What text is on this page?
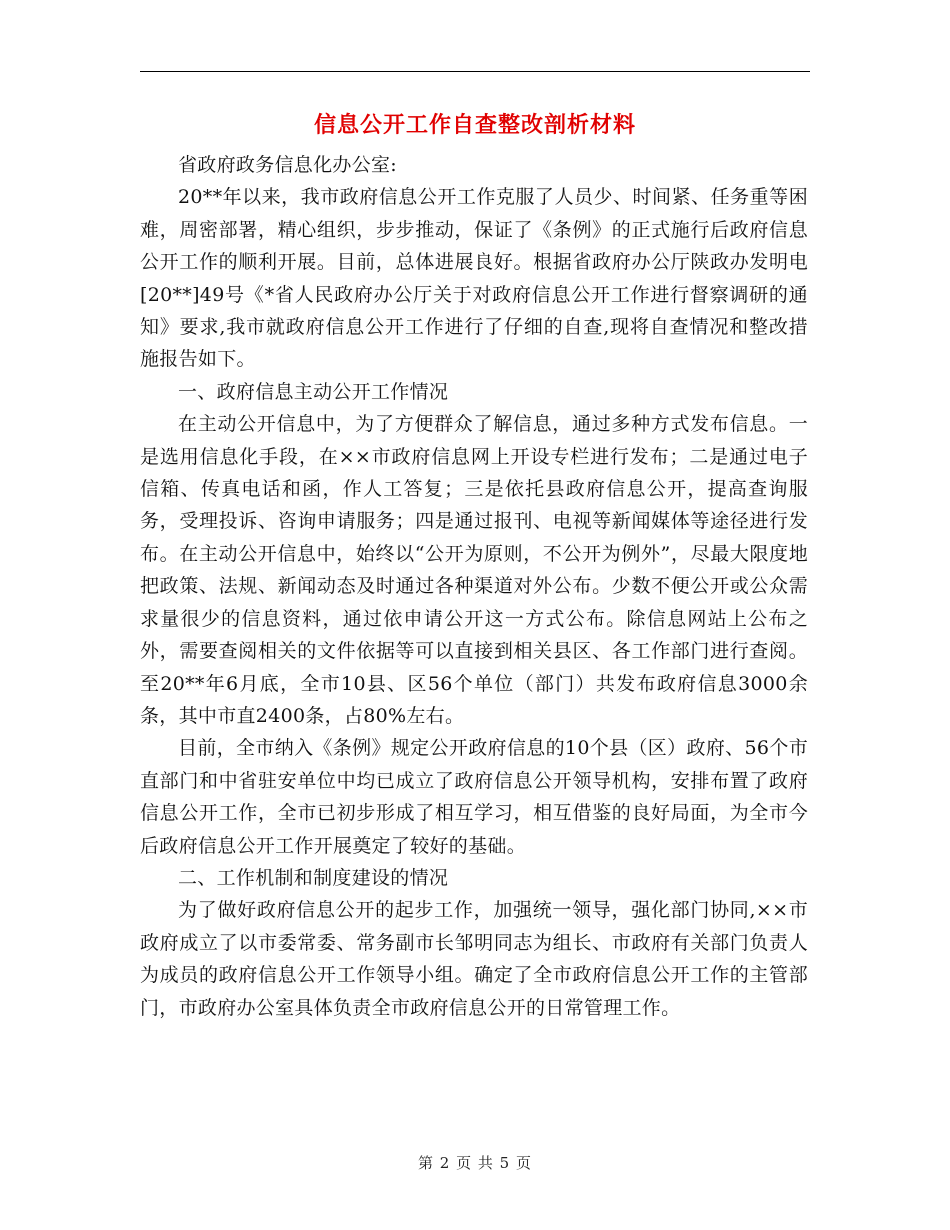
信息公开工作自查整改剖析材料

省政府政务信息化办公室:

20**年以来，我市政府信息公开工作克服了人员少、时间紧、任务重等困难，周密部署，精心组织，步步推动，保证了《条例》的正式施行后政府信息公开工作的顺利开展。目前，总体进展良好。根据省政府办公厅陕政办发明电[20**]49号《*省人民政府办公厅关于对政府信息公开工作进行督察调研的通知》要求,我市就政府信息公开工作进行了仔细的自查,现将自查情况和整改措施报告如下。

一、政府信息主动公开工作情况

在主动公开信息中，为了方便群众了解信息，通过多种方式发布信息。一是选用信息化手段，在××市政府信息网上开设专栏进行发布；二是通过电子信箱、传真电话和函，作人工答复；三是依托县政府信息公开，提高查询服务，受理投诉、咨询申请服务；四是通过报刊、电视等新闻媒体等途径进行发布。在主动公开信息中，始终以“公开为原则，不公开为例外”，尽最大限度地把政策、法规、新闻动态及时通过各种渠道对外公布。少数不便公开或公众需求量很少的信息资料，通过依申请公开这一方式公布。除信息网站上公布之外，需要查阅相关的文件依据等可以直接到相关县区、各工作部门进行查阅。至20**年6月底，全市10县、区56个单位（部门）共发布政府信息3000余条，其中市直2400条，占80%左右。

目前，全市纳入《条例》规定公开政府信息的10个县（区）政府、56个市直部门和中省驻安单位中均已成立了政府信息公开领导机构，安排布置了政府信息公开工作，全市已初步形成了相互学习，相互借鉴的良好局面，为全市今后政府信息公开工作开展奠定了较好的基础。

二、工作机制和制度建设的情况

为了做好政府信息公开的起步工作，加强统一领导，强化部门协同,××市政府成立了以市委常委、常务副市长邹明同志为组长、市政府有关部门负责人为成员的政府信息公开工作领导小组。确定了全市政府信息公开工作的主管部门，市政府办公室具体负责全市政府信息公开的日常管理工作。

第 2 页 共 5 页
